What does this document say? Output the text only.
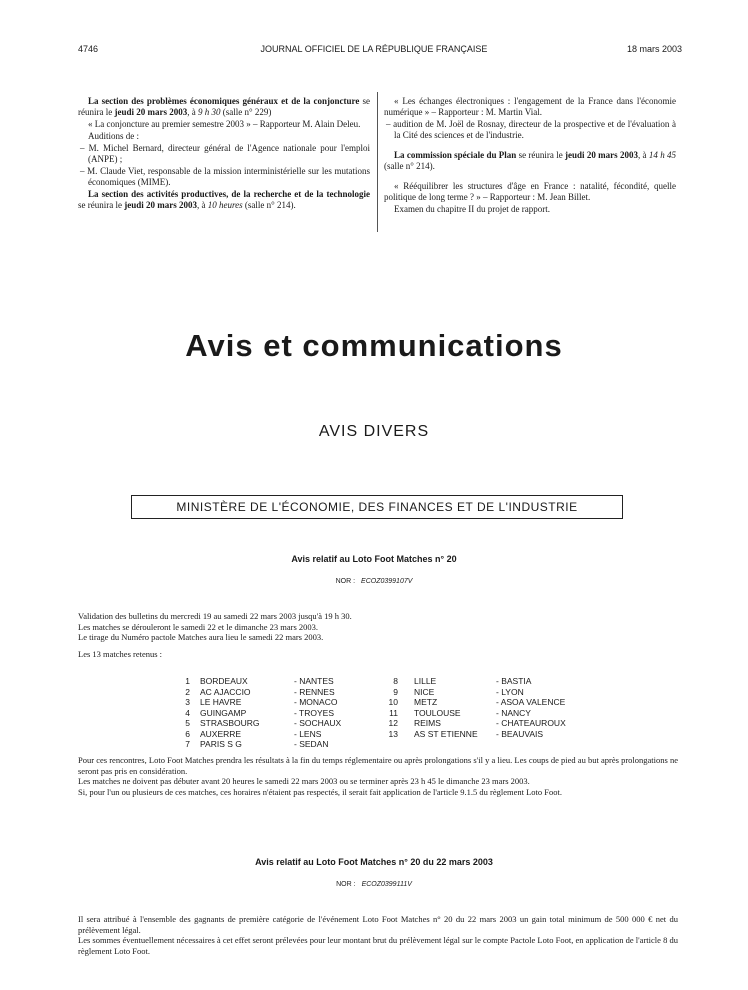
4746	JOURNAL OFFICIEL DE LA RÉPUBLIQUE FRANÇAISE	18 mars 2003

La section des problèmes économiques généraux et de la conjoncture se réunira le jeudi 20 mars 2003, à 9 h 30 (salle n° 229)

« La conjoncture au premier semestre 2003 » – Rapporteur M. Alain Deleu.

Auditions de :

– M. Michel Bernard, directeur général de l'Agence nationale pour l'emploi (ANPE) ;

– M. Claude Viet, responsable de la mission interministérielle sur les mutations économiques (MIME).

La section des activités productives, de la recherche et de la technologie se réunira le jeudi 20 mars 2003, à 10 heures (salle n° 214).

« Les échanges électroniques : l'engagement de la France dans l'économie numérique » – Rapporteur : M. Martin Vial.

– audition de M. Joël de Rosnay, directeur de la prospective et de l'évaluation à la Cité des sciences et de l'industrie.

La commission spéciale du Plan se réunira le jeudi 20 mars 2003, à 14 h 45 (salle n° 214).

« Rééquilibrer les structures d'âge en France : natalité, fécondité, quelle politique de long terme ? » – Rapporteur : M. Jean Billet.

Examen du chapitre II du projet de rapport.

Avis et communications
AVIS DIVERS
MINISTÈRE DE L'ÉCONOMIE, DES FINANCES ET DE L'INDUSTRIE
Avis relatif au Loto Foot Matches n° 20
NOR : ECOZ0399107V

Validation des bulletins du mercredi 19 au samedi 22 mars 2003 jusqu'à 19 h 30.

Les matches se dérouleront le samedi 22 et le dimanche 23 mars 2003.

Le tirage du Numéro pactole Matches aura lieu le samedi 22 mars 2003.

Les 13 matches retenus :

1 BORDEAUX	- NANTES	8 LILLE	- BASTIA
2 AC AJACCIO	- RENNES	9 NICE	- LYON
3 LE HAVRE	- MONACO	10 METZ	- ASOA VALENCE
4 GUINGAMP	- TROYES	11 TOULOUSE	- NANCY
5 STRASBOURG	- SOCHAUX	12 REIMS	- CHATEAUROUX
6 AUXERRE	- LENS	13 AS ST ETIENNE - BEAUVAIS
7 PARIS S G	- SEDAN

Pour ces rencontres, Loto Foot Matches prendra les résultats à la fin du temps réglementaire ou après prolongations s'il y a lieu. Les coups de pied au but après prolongations ne seront pas pris en considération.

Les matches ne doivent pas débuter avant 20 heures le samedi 22 mars 2003 ou se terminer après 23 h 45 le dimanche 23 mars 2003.

Si, pour l'un ou plusieurs de ces matches, ces horaires n'étaient pas respectés, il serait fait application de l'article 9.1.5 du règlement Loto Foot.

Avis relatif au Loto Foot Matches n° 20 du 22 mars 2003
NOR : ECOZ0399111V

Il sera attribué à l'ensemble des gagnants de première catégorie de l'événement Loto Foot Matches n° 20 du 22 mars 2003 un gain total minimum de 500 000 € net du prélèvement légal.

Les sommes éventuellement nécessaires à cet effet seront prélevées pour leur montant brut du prélèvement légal sur le compte Pactole Loto Foot, en application de l'article 8 du règlement Loto Foot.
